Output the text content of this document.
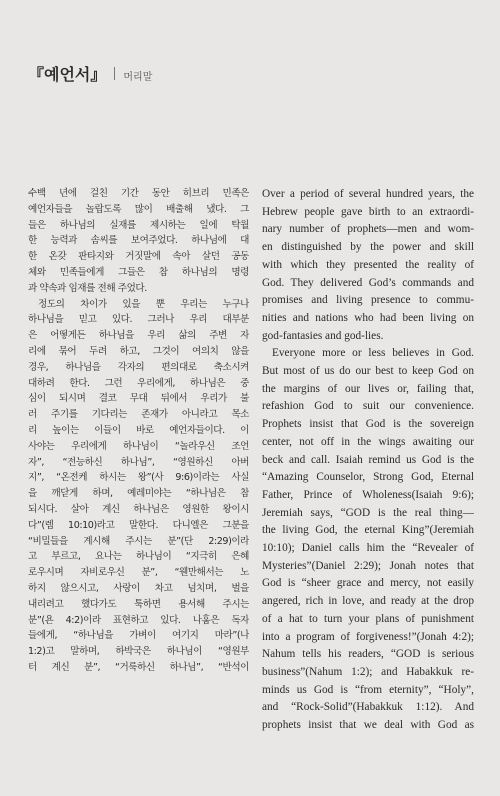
『예언서』 머리말
수백 년에 걸친 기간 동안 히브리 민족은
예언자들을 놀랍도록 많이 배출해 냈다. 그
들은 하나님의 실재를 제시하는 일에 탁월
한 능력과 솜씨를 보여주었다. 하나님에 대
한 온갖 판타지와 거짓말에 속아 살던 공동
체와 민족들에게 그들은 참 하나님의 명령
과 약속과 임재를 전해 주었다.
정도의 차이가 있을 뿐 우리는 누구나
하나님을 믿고 있다. 그러나 우리 대부분
은 어떻게든 하나님을 우리 삶의 주변 자
리에 묶어 두려 하고, 그것이 여의치 않을
경우, 하나님을 각자의 편의대로 축소시켜
대하려 한다. 그런 우리에게, 하나님은 중
심이 되시며 결코 무대 뒤에서 우리가 불
러 주기를 기다리는 존재가 아니라고 목소
리 높이는 이들이 바로 예언자들이다. 이
사야는 우리에게 하나님이 “놀라우신 조언
자”, “전능하신 하나님”, “영원하신 아버
지”, “온전케 하시는 왕”(사 9:6)이라는 사실
을 깨닫게 하며, 예레미야는 “하나님은 참
되시다. 살아 계신 하나님은 영원한 왕이시
다”(렘 10:10)라고 말한다. 다니엘은 그분을
“비밀들을 계시해 주시는 분”(단 2:29)이라
고 부르고, 요나는 하나님이 “지극히 은혜
로우시며 자비로우신 분”, “웬만해서는 노
하지 않으시고, 사랑이 차고 넘치며, 벌을
내리려고 했다가도 툭하면 용서해 주시는
분”(욘 4:2)이라 표현하고 있다. 나훔은 독자
들에게, “하나님을 가벼이 여기지 마라”(나
1:2)고 말하며, 하박국은 하나님이 “영원부
터 계신 분”, “거룩하신 하나님”, “반석이
Over a period of several hundred years, the
Hebrew people gave birth to an extraordi-
nary number of prophets—men and wom-
en distinguished by the power and skill
with which they presented the reality of
God. They delivered God’s commands and
promises and living presence to commu-
nities and nations who had been living on
god-fantasies and god-lies.
Everyone more or less believes in God.
But most of us do our best to keep God on
the margins of our lives or, failing that,
refashion God to suit our convenience.
Prophets insist that God is the sovereign
center, not off in the wings awaiting our
beck and call. Isaiah remind us God is the
“Amazing Counselor, Strong God, Eternal
Father, Prince of Wholeness(Isaiah 9:6);
Jeremiah says, “GOD is the real thing—
the living God, the eternal King”(Jeremiah
10:10); Daniel calls him the “Revealer of
Mysteries”(Daniel 2:29); Jonah notes that
God is “sheer grace and mercy, not easily
angered, rich in love, and ready at the drop
of a hat to turn your plans of punishment
into a program of forgiveness!”(Jonah 4:2);
Nahum tells his readers, “GOD is serious
business”(Nahum 1:2); and Habakkuk re-
minds us God is “from eternity”, “Holy”,
and “Rock-Solid”(Habakkuk 1:12). And
prophets insist that we deal with God as
